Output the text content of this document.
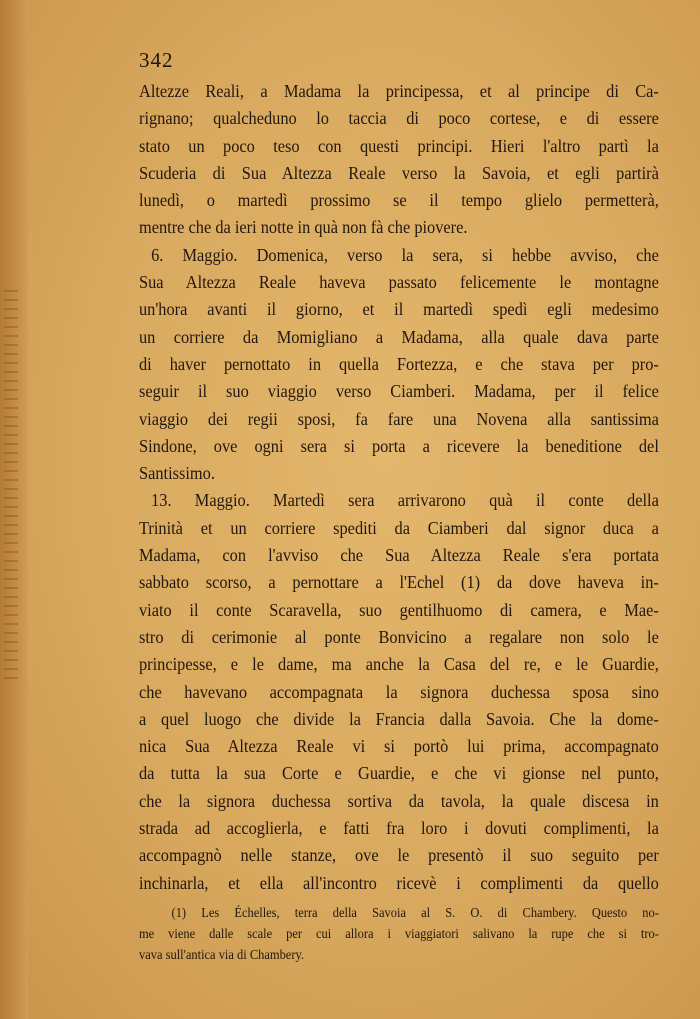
342
Altezze Reali, a Madama la principessa, et al principe di Ca-
rignano; qualcheduno lo taccia di poco cortese, e di essere
stato un poco teso con questi principi. Hieri l'altro partì la
Scuderia di Sua Altezza Reale verso la Savoia, et egli partirà
lunedì, o martedì prossimo se il tempo glielo permetterà,
mentre che da ieri notte in quà non fà che piovere.
6. Maggio. Domenica, verso la sera, si hebbe avviso, che
Sua Altezza Reale haveva passato felicemente le montagne
un'hora avanti il giorno, et il martedì spedì egli medesimo
un corriere da Momigliano a Madama, alla quale dava parte
di haver pernottato in quella Fortezza, e che stava per pro-
seguir il suo viaggio verso Ciamberi. Madama, per il felice
viaggio dei regii sposi, fa fare una Novena alla santissima
Sindone, ove ogni sera si porta a ricevere la beneditione del
Santissimo.
13. Maggio. Martedì sera arrivarono quà il conte della
Trinità et un corriere spediti da Ciamberi dal signor duca a
Madama, con l'avviso che Sua Altezza Reale s'era portata
sabbato scorso, a pernottare a l'Echel (1) da dove haveva in-
viato il conte Scaravella, suo gentilhuomo di camera, e Mae-
stro di cerimonie al ponte Bonvicino a regalare non solo le
principesse, e le dame, ma anche la Casa del re, e le Guardie,
che havevano accompagnata la signora duchessa sposa sino
a quel luogo che divide la Francia dalla Savoia. Che la dome-
nica Sua Altezza Reale vi si portò lui prima, accompagnato
da tutta la sua Corte e Guardie, e che vi gionse nel punto,
che la signora duchessa sortiva da tavola, la quale discesa in
strada ad accoglierla, e fatti fra loro i dovuti complimenti, la
accompagnò nelle stanze, ove le presentò il suo seguito per
inchinarla, et ella all'incontro ricevè i complimenti da quello
(1) Les Échelles, terra della Savoia al S. O. di Chambery. Questo no-
me viene dalle scale per cui allora i viaggiatori salivano la rupe che si tro-
vava sull'antica via di Chambery.
